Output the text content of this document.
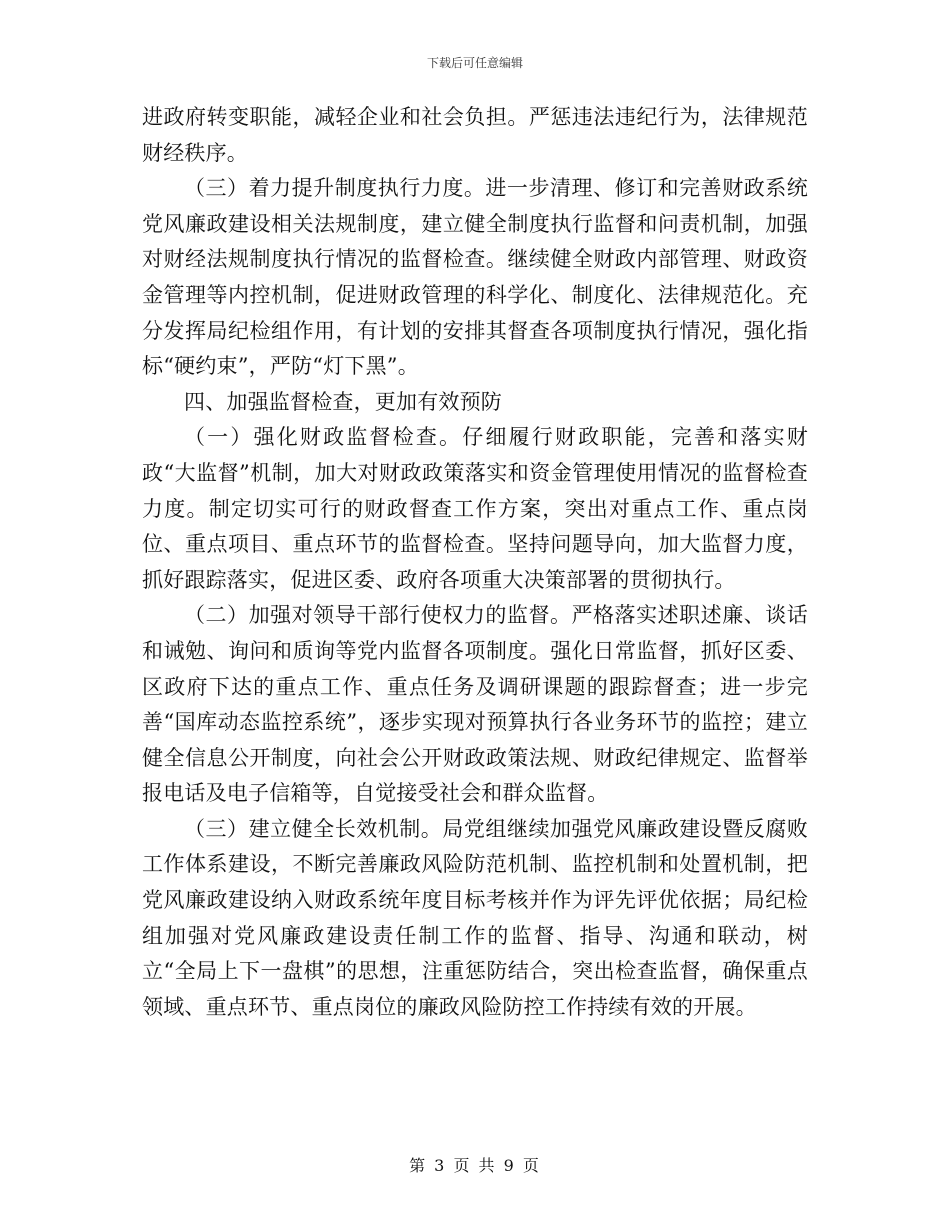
下载后可任意编辑

进政府转变职能，减轻企业和社会负担。严惩违法违纪行为，法律规范财经秩序。

（三）着力提升制度执行力度。进一步清理、修订和完善财政系统党风廉政建设相关法规制度，建立健全制度执行监督和问责机制，加强对财经法规制度执行情况的监督检查。继续健全财政内部管理、财政资金管理等内控机制，促进财政管理的科学化、制度化、法律规范化。充分发挥局纪检组作用，有计划的安排其督查各项制度执行情况，强化指标“硬约束”，严防“灯下黑”。

四、加强监督检查，更加有效预防

（一）强化财政监督检查。仔细履行财政职能，完善和落实财政“大监督”机制，加大对财政政策落实和资金管理使用情况的监督检查力度。制定切实可行的财政督查工作方案，突出对重点工作、重点岗位、重点项目、重点环节的监督检查。坚持问题导向，加大监督力度，抓好跟踪落实，促进区委、政府各项重大决策部署的贯彻执行。

（二）加强对领导干部行使权力的监督。严格落实述职述廉、谈话和诫勉、询问和质询等党内监督各项制度。强化日常监督，抓好区委、区政府下达的重点工作、重点任务及调研课题的跟踪督查；进一步完善“国库动态监控系统”，逐步实现对预算执行各业务环节的监控；建立健全信息公开制度，向社会公开财政政策法规、财政纪律规定、监督举报电话及电子信箱等，自觉接受社会和群众监督。

（三）建立健全长效机制。局党组继续加强党风廉政建设暨反腐败工作体系建设，不断完善廉政风险防范机制、监控机制和处置机制，把党风廉政建设纳入财政系统年度目标考核并作为评先评优依据；局纪检组加强对党风廉政建设责任制工作的监督、指导、沟通和联动，树立“全局上下一盘棋”的思想，注重惩防结合，突出检查监督，确保重点领域、重点环节、重点岗位的廉政风险防控工作持续有效的开展。

第 3 页 共 9 页
